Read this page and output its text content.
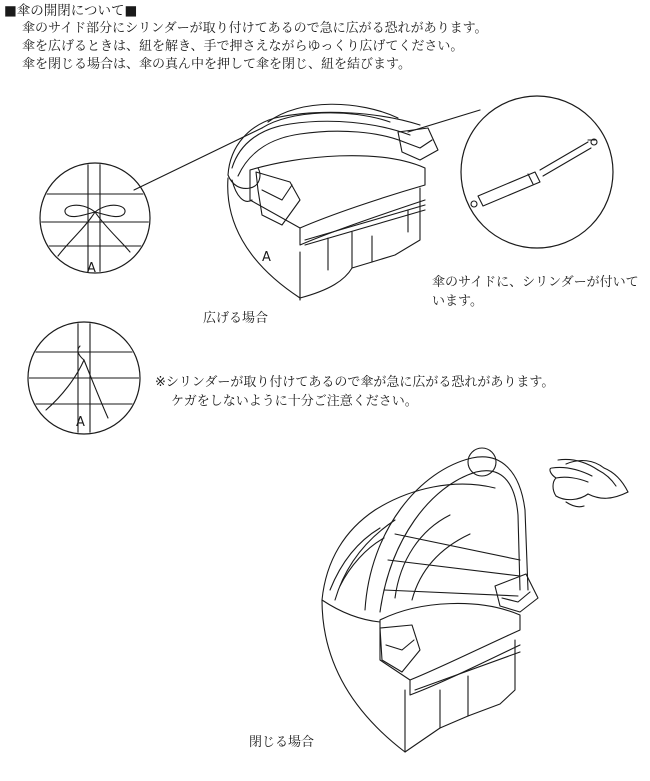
■傘の開閉について■
傘のサイド部分にシリンダーが取り付けてあるので急に広がる恐れがあります。
傘を広げるときは、紐を解き、手で押さえながらゆっくり広げてください。
傘を閉じる場合は、傘の真ん中を押して傘を閉じ、紐を結びます。
傘のサイドに、シリンダーが付いています。
広げる場合
※シリンダーが取り付けてあるので傘が急に広がる恐れがあります。
ケガをしないように十分ご注意ください。
閉じる場合
A
A
A
